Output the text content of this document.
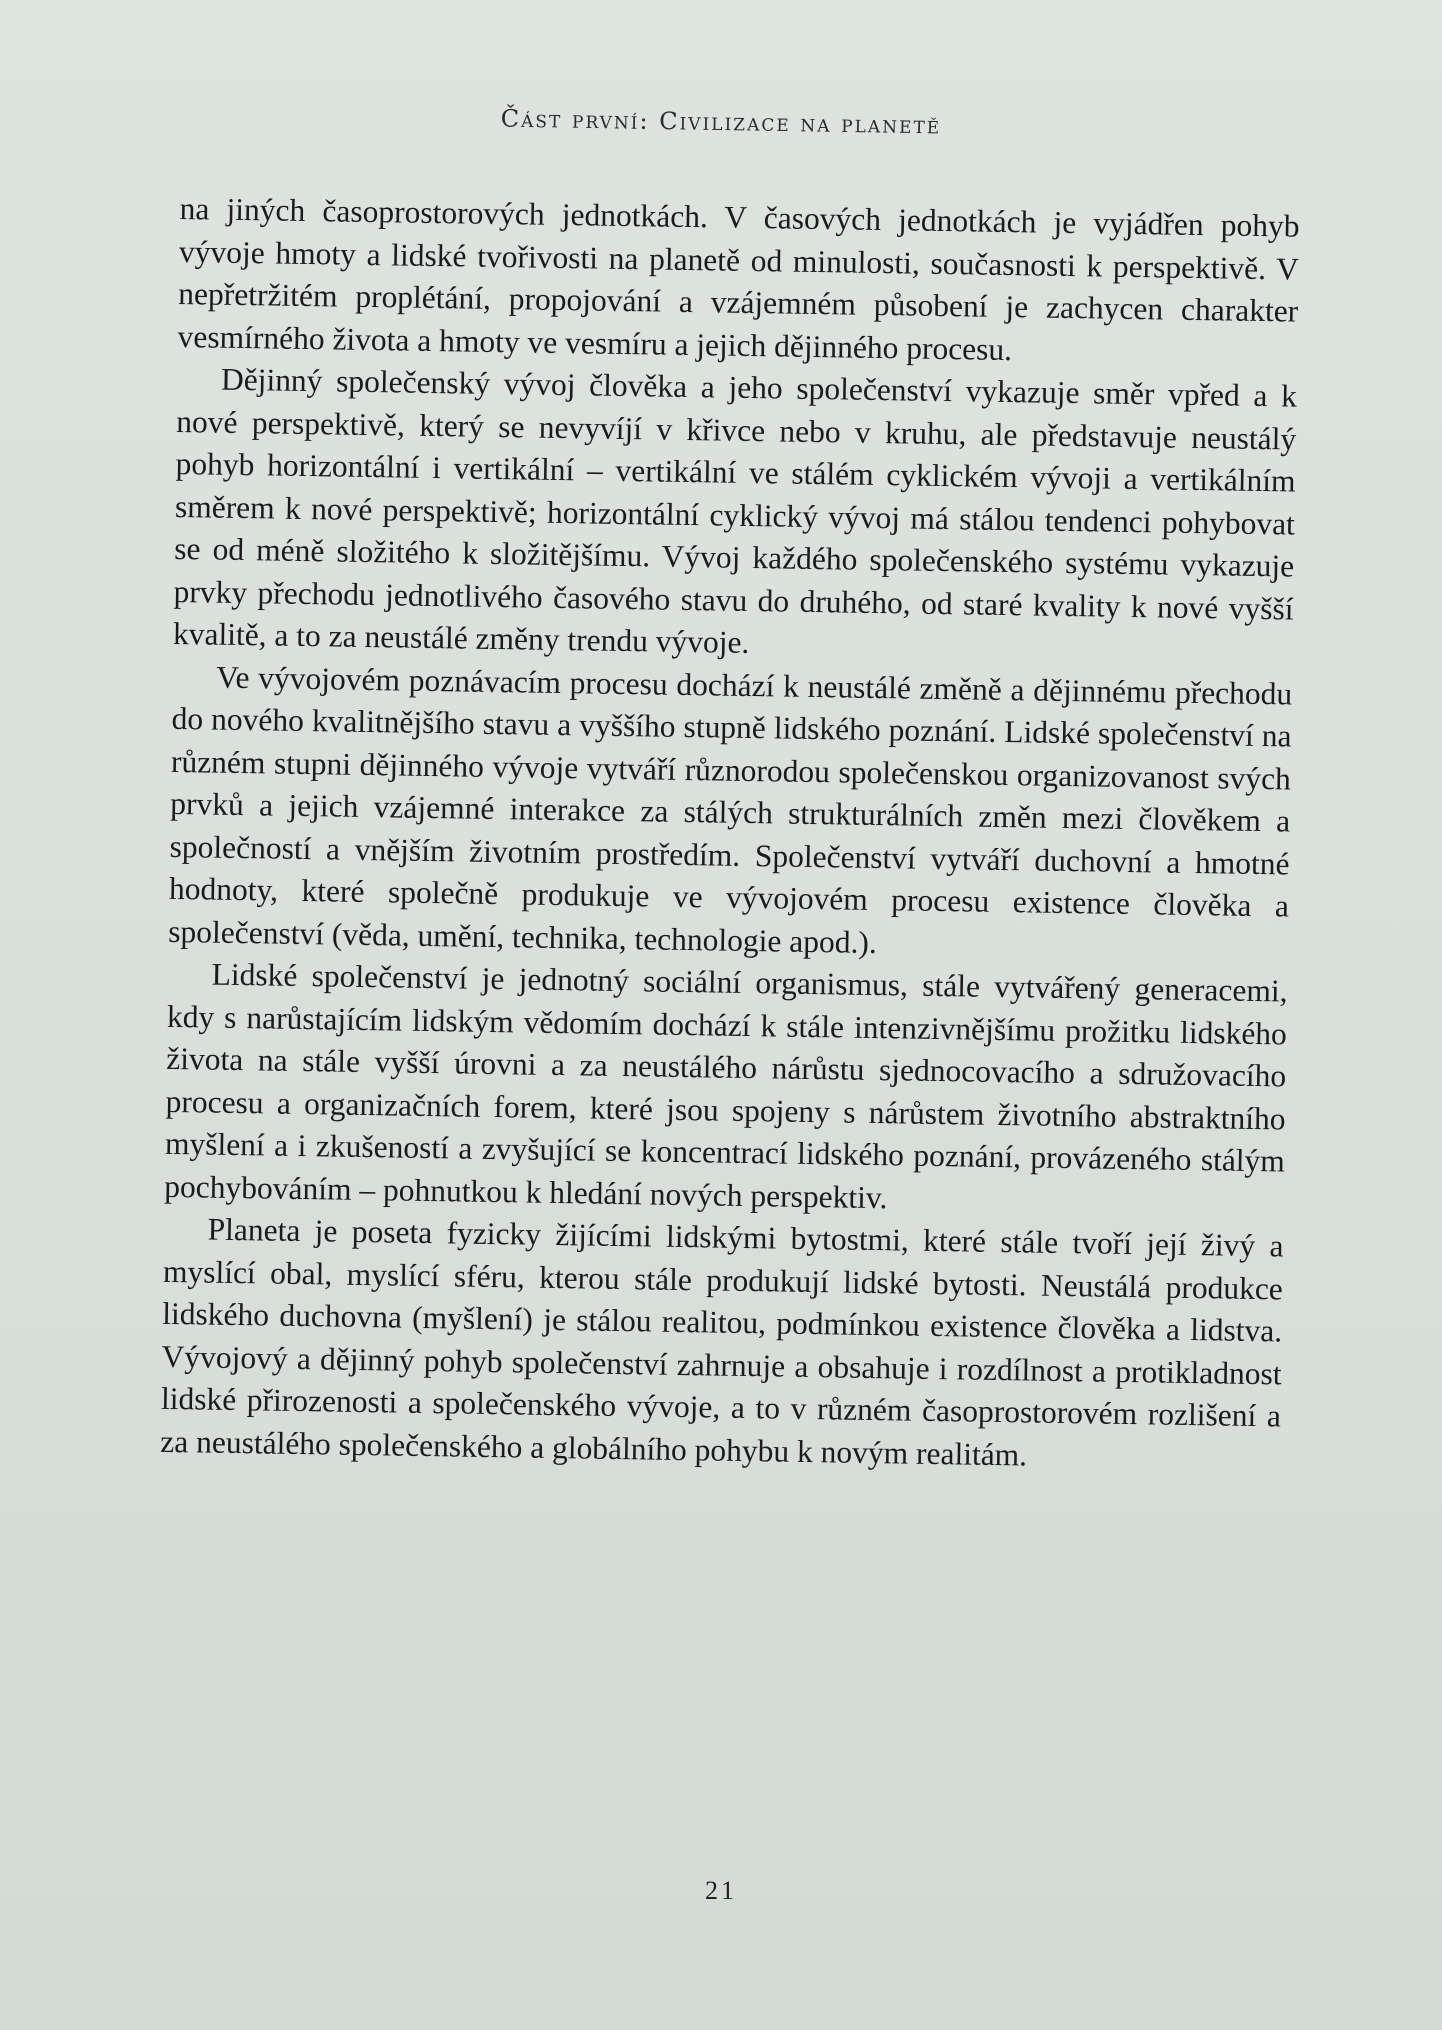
Část první: Civilizace na planetě

na jiných časoprostorových jednotkách. V časových jednotkách je vyjádřen pohyb vývoje hmoty a lidské tvořivosti na planetě od minulosti, současnosti k perspektivě. V nepřetržitém proplétání, propojování a vzájemném působení je zachycen charakter vesmírného života a hmoty ve vesmíru a jejich dějinného procesu.

Dějinný společenský vývoj člověka a jeho společenství vykazuje směr vpřed a k nové perspektivě, který se nevyvíjí v křivce nebo v kruhu, ale představuje neustálý pohyb horizontální i vertikální – vertikální ve stálém cyklickém vývoji a vertikálním směrem k nové perspektivě; horizontální cyklický vývoj má stálou tendenci pohybovat se od méně složitého k složitějšímu. Vývoj každého společenského systému vykazuje prvky přechodu jednotlivého časového stavu do druhého, od staré kvality k nové vyšší kvalitě, a to za neustálé změny trendu vývoje.

Ve vývojovém poznávacím procesu dochází k neustálé změně a dějinnému přechodu do nového kvalitnějšího stavu a vyššího stupně lidského poznání. Lidské společenství na různém stupni dějinného vývoje vytváří různorodou společenskou organizovanost svých prvků a jejich vzájemné interakce za stálých strukturálních změn mezi člověkem a společností a vnějším životním prostředím. Společenství vytváří duchovní a hmotné hodnoty, které společně produkuje ve vývojovém procesu existence člověka a společenství (věda, umění, technika, technologie apod.).

Lidské společenství je jednotný sociální organismus, stále vytvářený generacemi, kdy s narůstajícím lidským vědomím dochází k stále intenzivnějšímu prožitku lidského života na stále vyšší úrovni a za neustálého nárůstu sjednocovacího a sdružovacího procesu a organizačních forem, které jsou spojeny s nárůstem životního abstraktního myšlení a i zkušeností a zvyšující se koncentrací lidského poznání, provázeného stálým pochybováním – pohnutkou k hledání nových perspektiv.

Planeta je poseta fyzicky žijícími lidskými bytostmi, které stále tvoří její živý a myslící obal, myslící sféru, kterou stále produkují lidské bytosti. Neustálá produkce lidského duchovna (myšlení) je stálou realitou, podmínkou existence člověka a lidstva. Vývojový a dějinný pohyb společenství zahrnuje a obsahuje i rozdílnost a protikladnost lidské přirozenosti a společenského vývoje, a to v různém časoprostorovém rozlišení a za neustálého společenského a globálního pohybu k novým realitám.

21
